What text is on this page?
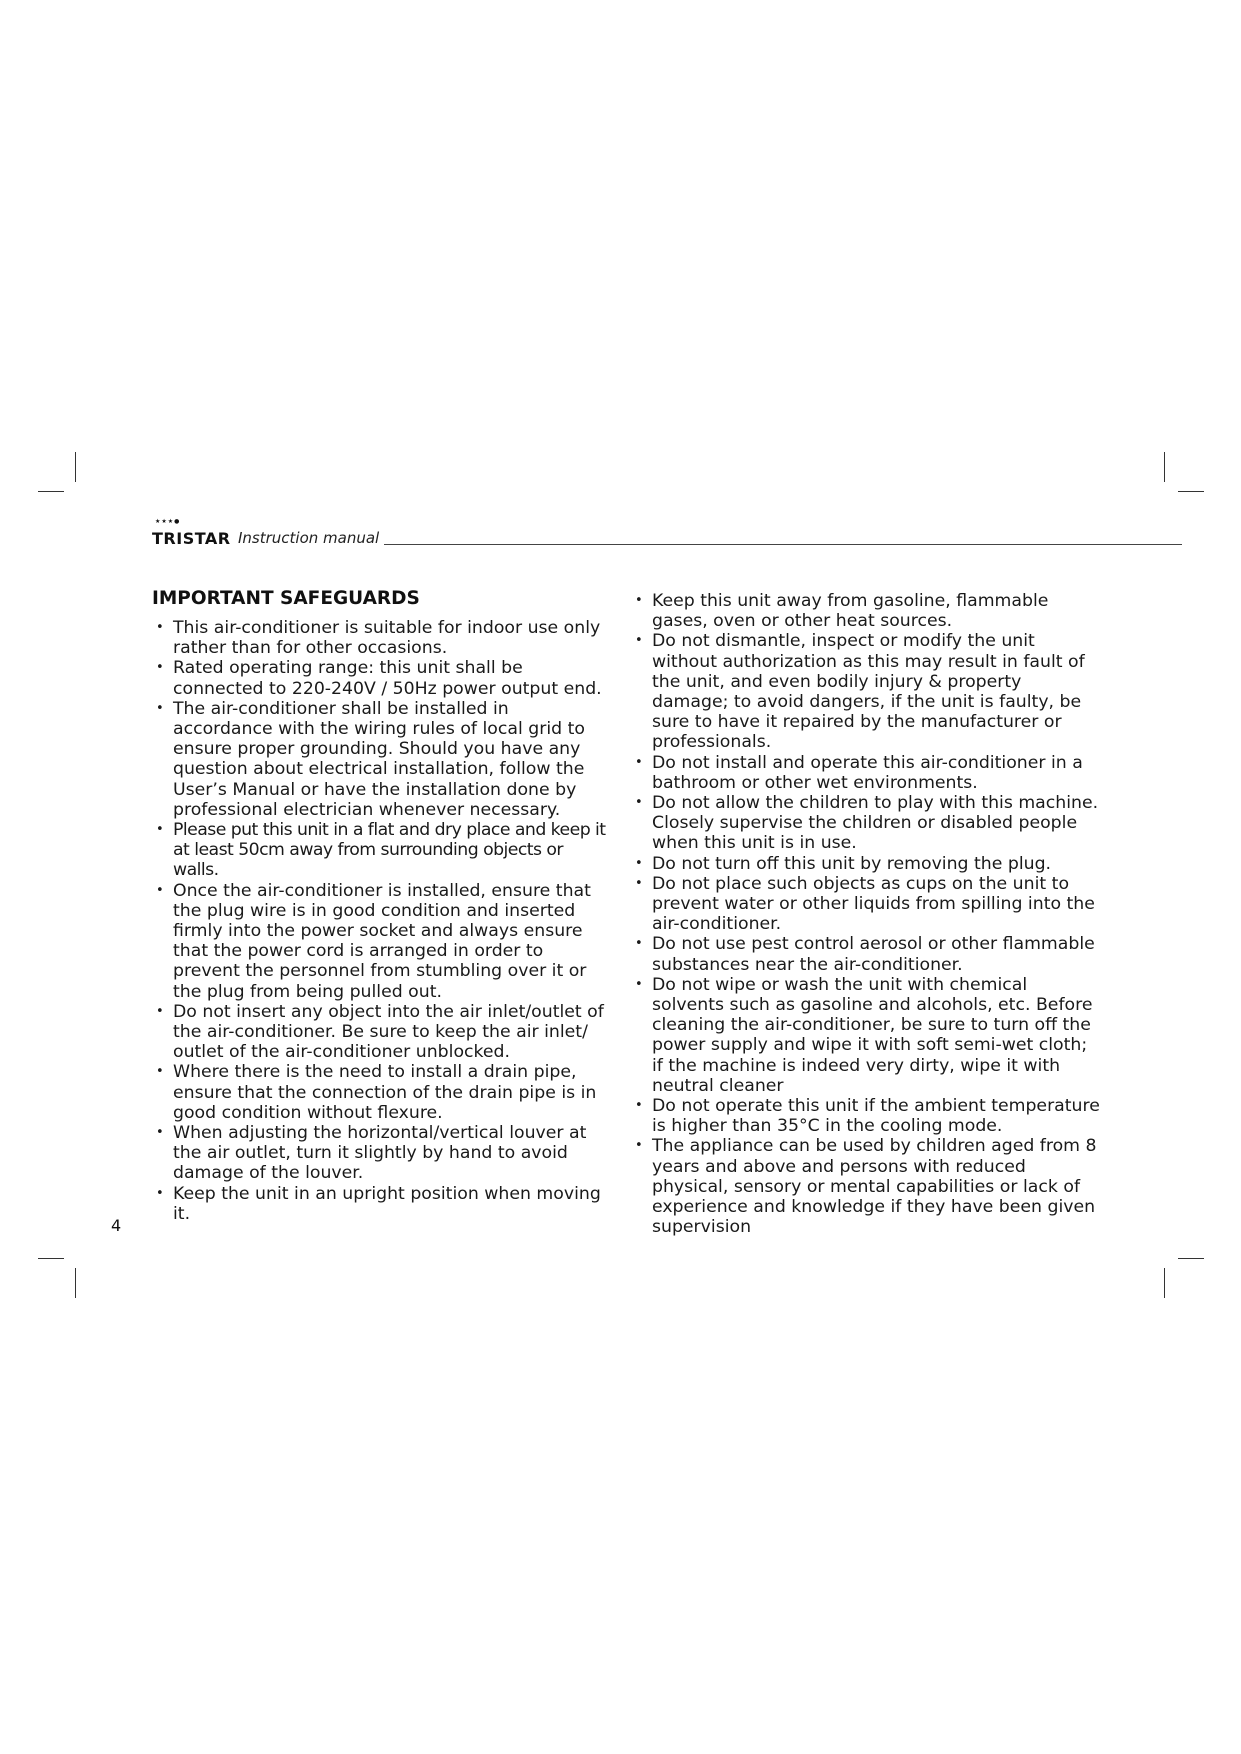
★★★●
TRISTAR Instruction manual
IMPORTANT SAFEGUARDS
• This air-conditioner is suitable for indoor use only rather than for other occasions.
• Rated operating range: this unit shall be connected to 220-240V / 50Hz power output end.
• The air-conditioner shall be installed in accordance with the wiring rules of local grid to ensure proper grounding. Should you have any question about electrical installation, follow the User’s Manual or have the installation done by professional electrician whenever necessary.
• Please put this unit in a flat and dry place and keep it at least 50cm away from surrounding objects or walls.
• Once the air-conditioner is installed, ensure that the plug wire is in good condition and inserted firmly into the power socket and always ensure that the power cord is arranged in order to prevent the personnel from stumbling over it or the plug from being pulled out.
• Do not insert any object into the air inlet/outlet of the air-conditioner. Be sure to keep the air inlet/ outlet of the air-conditioner unblocked.
• Where there is the need to install a drain pipe, ensure that the connection of the drain pipe is in good condition without flexure.
• When adjusting the horizontal/vertical louver at the air outlet, turn it slightly by hand to avoid damage of the louver.
• Keep the unit in an upright position when moving it.
• Keep this unit away from gasoline, flammable gases, oven or other heat sources.
• Do not dismantle, inspect or modify the unit without authorization as this may result in fault of the unit, and even bodily injury & property damage; to avoid dangers, if the unit is faulty, be sure to have it repaired by the manufacturer or professionals.
• Do not install and operate this air-conditioner in a bathroom or other wet environments.
• Do not allow the children to play with this machine. Closely supervise the children or disabled people when this unit is in use.
• Do not turn off this unit by removing the plug.
• Do not place such objects as cups on the unit to prevent water or other liquids from spilling into the air-conditioner.
• Do not use pest control aerosol or other flammable substances near the air-conditioner.
• Do not wipe or wash the unit with chemical solvents such as gasoline and alcohols, etc. Before cleaning the air-conditioner, be sure to turn off the power supply and wipe it with soft semi-wet cloth; if the machine is indeed very dirty, wipe it with neutral cleaner
• Do not operate this unit if the ambient temperature is higher than 35°C in the cooling mode.
• The appliance can be used by children aged from 8 years and above and persons with reduced physical, sensory or mental capabilities or lack of experience and knowledge if they have been given supervision
4
